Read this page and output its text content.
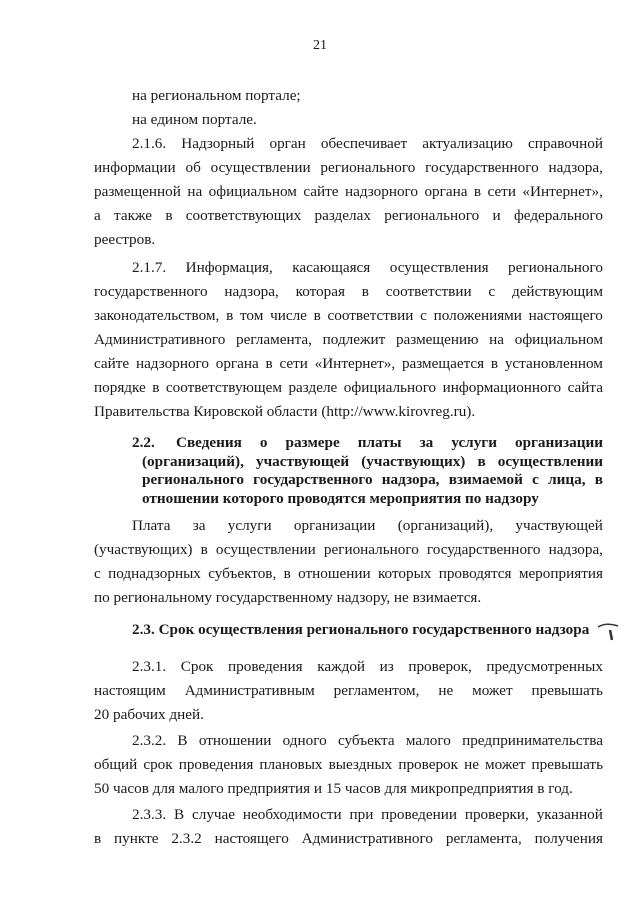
21
на региональном портале;
на едином портале.
2.1.6. Надзорный орган обеспечивает актуализацию справочной
информации об осуществлении регионального государственного надзора,
размещенной на официальном сайте надзорного органа в сети «Интернет»,
а также в соответствующих разделах регионального и федерального
реестров.
2.1.7. Информация, касающаяся осуществления регионального
государственного надзора, которая в соответствии с действующим
законодательством, в том числе в соответствии с положениями настоящего
Административного регламента, подлежит размещению на официальном
сайте надзорного органа в сети «Интернет», размещается в установленном
порядке в соответствующем разделе официального информационного сайта
Правительства Кировской области (http://www.kirovreg.ru).
2.2. Сведения о размере платы за услуги организации
(организаций), участвующей (участвующих) в осуществлении
регионального государственного надзора, взимаемой с лица, в
отношении которого проводятся мероприятия по надзору
Плата за услуги организации (организаций), участвующей
(участвующих) в осуществлении регионального государственного надзора,
с поднадзорных субъектов, в отношении которых проводятся мероприятия
по региональному государственному надзору, не взимается.
2.3. Срок осуществления регионального государственного надзора
2.3.1. Срок проведения каждой из проверок, предусмотренных
настоящим Административным регламентом, не может превышать
20 рабочих дней.
2.3.2. В отношении одного субъекта малого предпринимательства
общий срок проведения плановых выездных проверок не может превышать
50 часов для малого предприятия и 15 часов для микропредприятия в год.
2.3.3. В случае необходимости при проведении проверки, указанной
в пункте 2.3.2 настоящего Административного регламента, получения
